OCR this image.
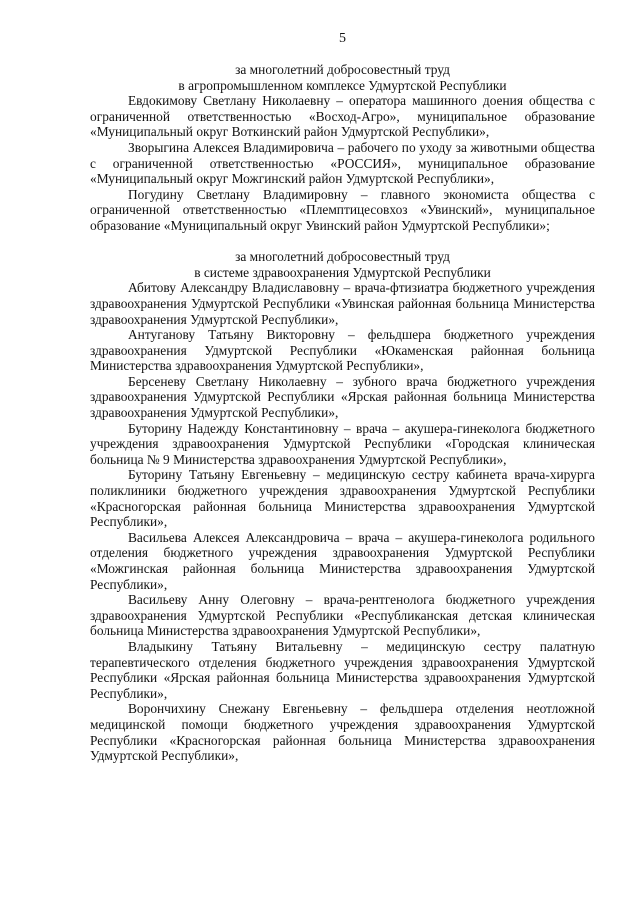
5
за многолетний добросовестный труд
в агропромышленном комплексе Удмуртской Республики

Евдокимову Светлану Николаевну – оператора машинного доения общества с ограниченной ответственностью «Восход-Агро», муниципальное образование «Муниципальный округ Воткинский район Удмуртской Республики»,

Зворыгина Алексея Владимировича – рабочего по уходу за животными общества с ограниченной ответственностью «РОССИЯ», муниципальное образование «Муниципальный округ Можгинский район Удмуртской Республики»,

Погудину Светлану Владимировну – главного экономиста общества с ограниченной ответственностью «Племптицесовхоз «Увинский», муниципальное образование «Муниципальный округ Увинский район Удмуртской Республики»;

за многолетний добросовестный труд
в системе здравоохранения Удмуртской Республики

Абитову Александру Владиславовну – врача-фтизиатра бюджетного учреждения здравоохранения Удмуртской Республики «Увинская районная больница Министерства здравоохранения Удмуртской Республики»,

Антуганову Татьяну Викторовну – фельдшера бюджетного учреждения здравоохранения Удмуртской Республики «Юкаменская районная больница Министерства здравоохранения Удмуртской Республики»,

Берсеневу Светлану Николаевну – зубного врача бюджетного учреждения здравоохранения Удмуртской Республики «Ярская районная больница Министерства здравоохранения Удмуртской Республики»,

Буторину Надежду Константиновну – врача – акушера-гинеколога бюджетного учреждения здравоохранения Удмуртской Республики «Городская клиническая больница № 9 Министерства здравоохранения Удмуртской Республики»,

Буторину Татьяну Евгеньевну – медицинскую сестру кабинета врача-хирурга поликлиники бюджетного учреждения здравоохранения Удмуртской Республики «Красногорская районная больница Министерства здравоохранения Удмуртской Республики»,

Васильева Алексея Александровича – врача – акушера-гинеколога родильного отделения бюджетного учреждения здравоохранения Удмуртской Республики «Можгинская районная больница Министерства здравоохранения Удмуртской Республики»,

Васильеву Анну Олеговну – врача-рентгенолога бюджетного учреждения здравоохранения Удмуртской Республики «Республиканская детская клиническая больница Министерства здравоохранения Удмуртской Республики»,

Владыкину Татьяну Витальевну – медицинскую сестру палатную терапевтического отделения бюджетного учреждения здравоохранения Удмуртской Республики «Ярская районная больница Министерства здравоохранения Удмуртской Республики»,

Ворончихину Снежану Евгеньевну – фельдшера отделения неотложной медицинской помощи бюджетного учреждения здравоохранения Удмуртской Республики «Красногорская районная больница Министерства здравоохранения Удмуртской Республики»,
